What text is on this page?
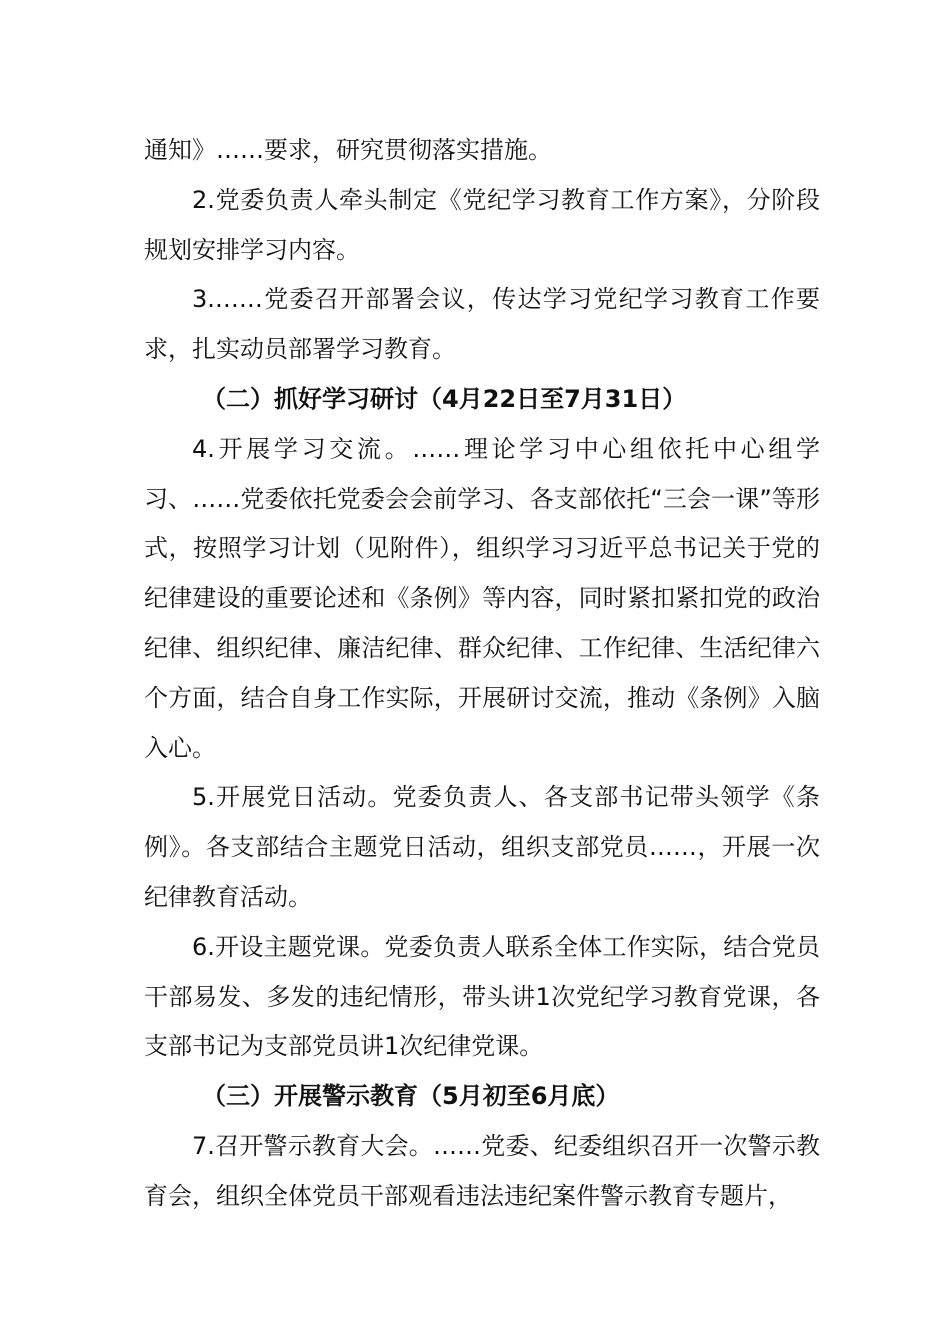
通知》……要求，研究贯彻落实措施。

2.党委负责人牵头制定《党纪学习教育工作方案》，分阶段规划安排学习内容。

3.……党委召开部署会议，传达学习党纪学习教育工作要求，扎实动员部署学习教育。

（二）抓好学习研讨（4月22日至7月31日）

4.开展学习交流。……理论学习中心组依托中心组学习、……党委依托党委会会前学习、各支部依托“三会一课”等形式，按照学习计划（见附件），组织学习习近平总书记关于党的纪律建设的重要论述和《条例》等内容，同时紧扣紧扣党的政治纪律、组织纪律、廉洁纪律、群众纪律、工作纪律、生活纪律六个方面，结合自身工作实际，开展研讨交流，推动《条例》入脑入心。

5.开展党日活动。党委负责人、各支部书记带头领学《条例》。各支部结合主题党日活动，组织支部党员……，开展一次纪律教育活动。

6.开设主题党课。党委负责人联系全体工作实际，结合党员干部易发、多发的违纪情形，带头讲1次党纪学习教育党课，各支部书记为支部党员讲1次纪律党课。

（三）开展警示教育（5月初至6月底）

7.召开警示教育大会。……党委、纪委组织召开一次警示教育会，组织全体党员干部观看违法违纪案件警示教育专题片，
